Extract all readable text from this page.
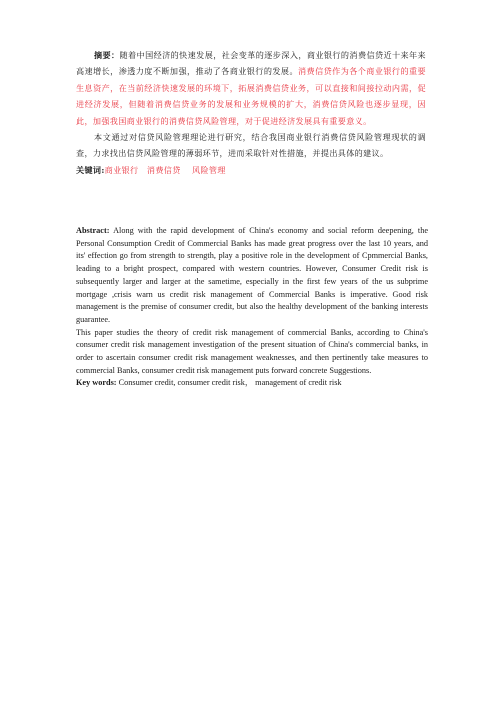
摘要：随着中国经济的快速发展，社会变革的逐步深入，商业银行的消费信贷近十来年来高速增长，渗透力度不断加强，推动了各商业银行的发展。消费信贷作为各个商业银行的重要生息资产，在当前经济快速发展的环境下，拓展消费信贷业务，可以直接和间接拉动内需，促进经济发展，但随着消费信贷业务的发展和业务规模的扩大，消费信贷风险也逐步显现，因此，加强我国商业银行的消费信贷风险管理，对于促进经济发展具有重要意义。

本文通过对信贷风险管理理论进行研究，结合我国商业银行消费信贷风险管理现状的调查，力求找出信贷风险管理的薄弱环节，进而采取针对性措施，并提出具体的建议。

关键词:商业银行　消费信贷　 风险管理

Abstract: Along with the rapid development of China's economy and social reform deepening, the Personal Consumption Credit of Commercial Banks has made great progress over the last 10 years, and its' effection go from strength to strength, play a positive role in the development of Cpmmercial Banks, leading to a bright prospect, compared with western countries. However, Consumer Credit risk is subsequently larger and larger at the sametime, especially in the first few years of the us subprime mortgage ,crisis warn us credit risk management of Commercial Banks is imperative. Good risk management is the premise of consumer credit, but also the healthy development of the banking interests guarantee.

This paper studies the theory of credit risk management of commercial Banks, according to China's consumer credit risk management investigation of the present situation of China's commercial banks, in order to ascertain consumer credit risk management weaknesses, and then pertinently take measures to commercial Banks, consumer credit risk management puts forward concrete Suggestions.

Key words: Consumer credit, consumer credit risk， management of credit risk
